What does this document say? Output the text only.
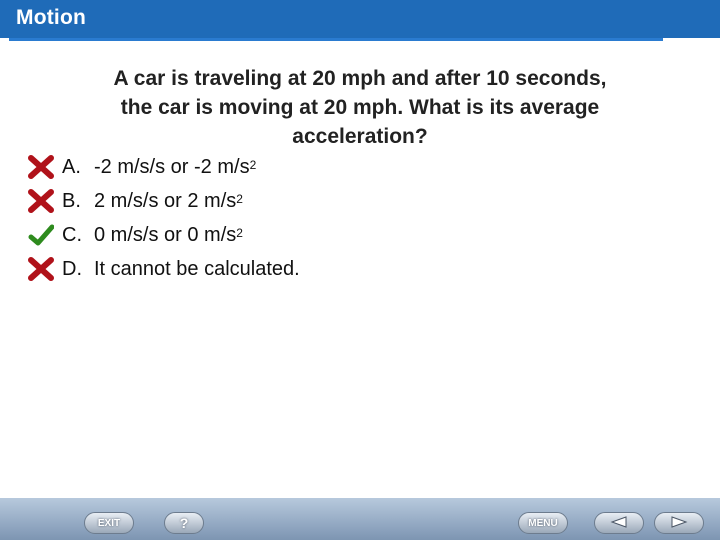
Motion
A car is traveling at 20 mph and after 10 seconds,
the car is moving at 20 mph. What is its average
acceleration?
A. -2 m/s/s or -2 $m/s^2$
B. 2 m/s/s or 2 $m/s^2$
C. 0 m/s/s or 0 $m/s^2$
D. It cannot be calculated.
EXIT	?	MENU
